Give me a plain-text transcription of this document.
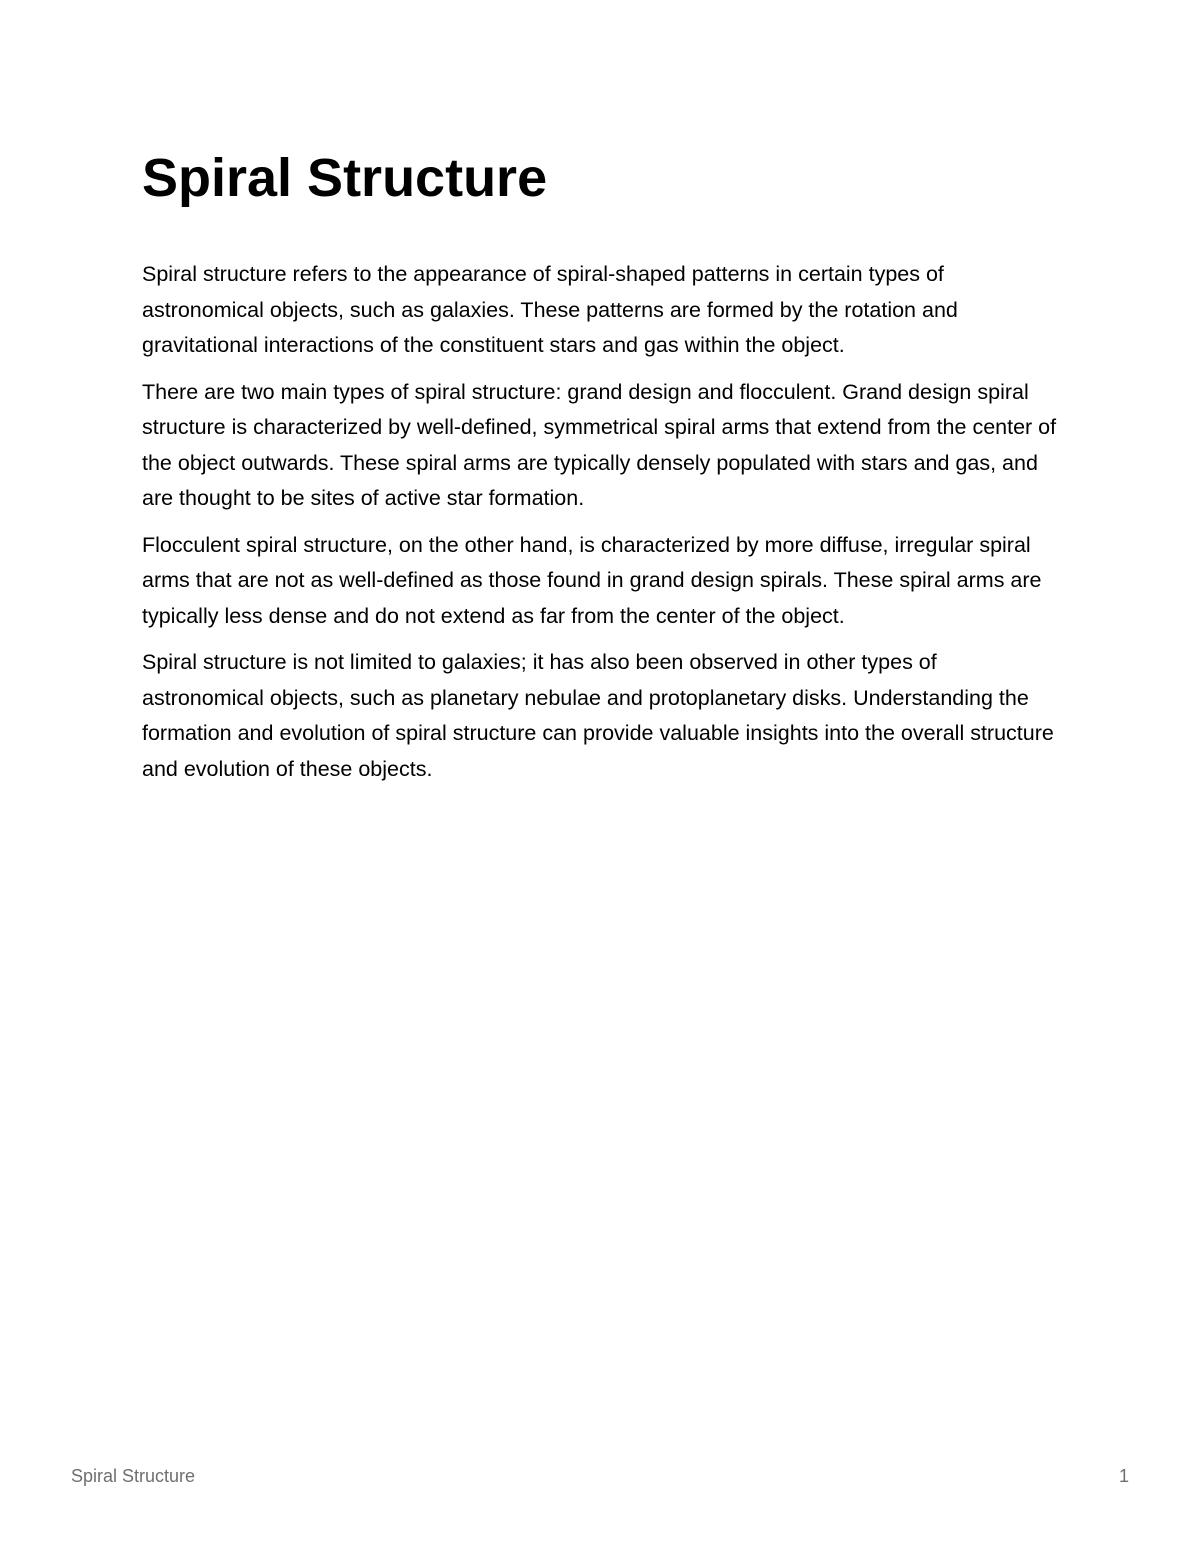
Spiral Structure

Spiral structure refers to the appearance of spiral-shaped patterns in certain types of astronomical objects, such as galaxies. These patterns are formed by the rotation and gravitational interactions of the constituent stars and gas within the object.

There are two main types of spiral structure: grand design and flocculent. Grand design spiral structure is characterized by well-defined, symmetrical spiral arms that extend from the center of the object outwards. These spiral arms are typically densely populated with stars and gas, and are thought to be sites of active star formation.

Flocculent spiral structure, on the other hand, is characterized by more diffuse, irregular spiral arms that are not as well-defined as those found in grand design spirals. These spiral arms are typically less dense and do not extend as far from the center of the object.

Spiral structure is not limited to galaxies; it has also been observed in other types of astronomical objects, such as planetary nebulae and protoplanetary disks. Understanding the formation and evolution of spiral structure can provide valuable insights into the overall structure and evolution of these objects.

Spiral Structure	1
